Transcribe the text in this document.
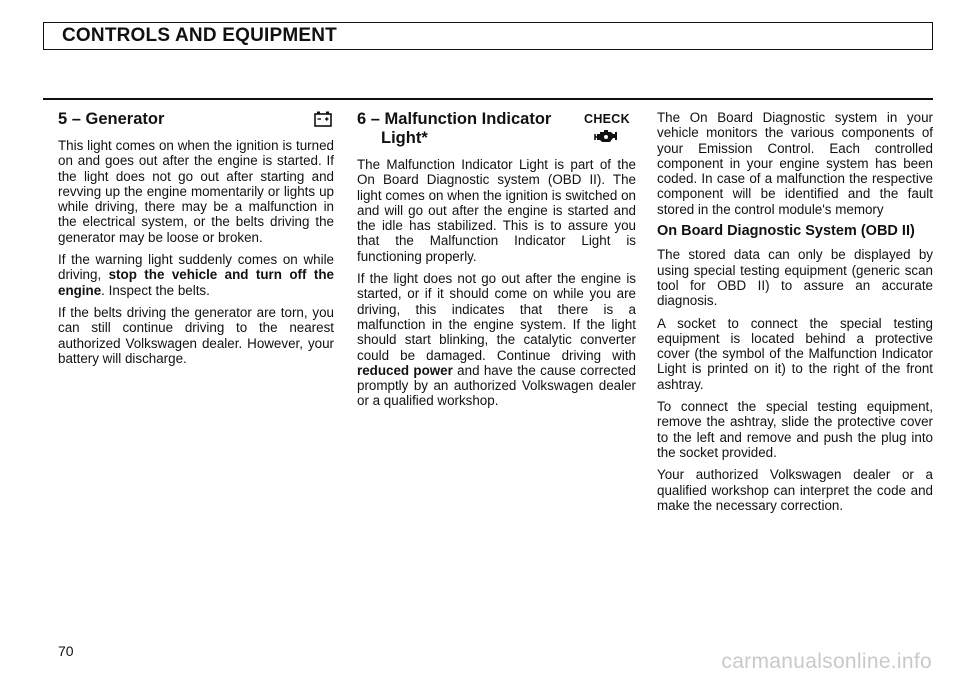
CONTROLS AND EQUIPMENT
5 – Generator

This light comes on when the ignition is turned on and goes out after the engine is started. If the light does not go out after starting and revving up the engine momentarily or lights up while driving, there may be a malfunction in the electrical system, or the belts driving the generator may be loose or broken.

If the warning light suddenly comes on while driving, stop the vehicle and turn off the engine. Inspect the belts.

If the belts driving the generator are torn, you can still continue driving to the nearest authorized Volkswagen dealer. However, your battery will discharge.

6 – Malfunction Indicator
Light*
CHECK

The Malfunction Indicator Light is part of the On Board Diagnostic system (OBD II). The light comes on when the ignition is switched on and will go out after the engine is started and the idle has stabilized. This is to assure you that the Malfunction Indicator Light is functioning properly.

If the light does not go out after the engine is started, or if it should come on while you are driving, this indicates that there is a malfunction in the engine system. If the light should start blinking, the catalytic converter could be damaged. Continue driving with reduced power and have the cause corrected promptly by an authorized Volkswagen dealer or a qualified workshop.

The On Board Diagnostic system in your vehicle monitors the various components of your Emission Control. Each controlled component in your engine system has been coded. In case of a malfunction the respective component will be identified and the fault stored in the control module's memory

On Board Diagnostic System (OBD II)

The stored data can only be displayed by using special testing equipment (generic scan tool for OBD II) to assure an accurate diagnosis.

A socket to connect the special testing equipment is located behind a protective cover (the symbol of the Malfunction Indicator Light is printed on it) to the right of the front ashtray.

To connect the special testing equipment, remove the ashtray, slide the protective cover to the left and remove and push the plug into the socket provided.

Your authorized Volkswagen dealer or a qualified workshop can interpret the code and make the necessary correction.

70	carmanualsonline.info
